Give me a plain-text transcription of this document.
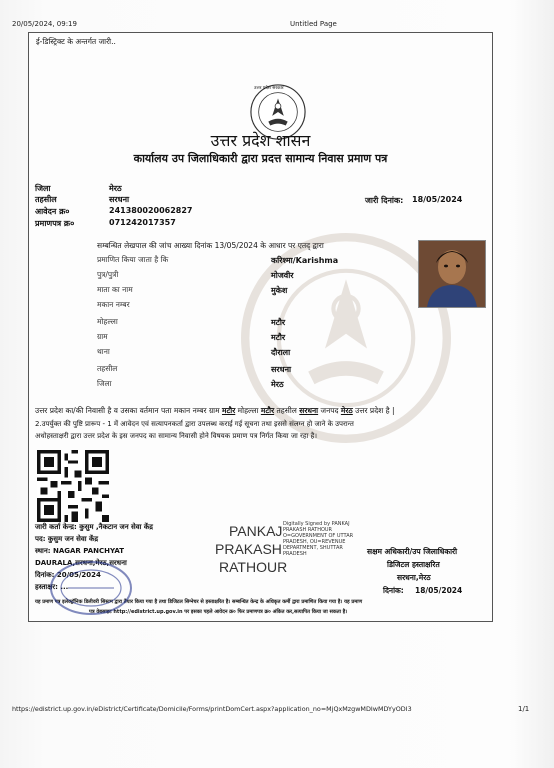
20/05/2024, 09:19	Untitled Page
ई-डिस्ट्रिक्ट के अन्तर्गत जारी..
उत्तर प्रदेश सरकार
उत्तर प्रदेश शासन
कार्यालय उप जिलाधिकारी द्वारा प्रदत्त सामान्य निवास प्रमाण पत्र
जिला	मेरठ
तहसील	सरधना
आवेदन क्र०	241380020062827
प्रमाणपत्र क्र०	071242017357
जारी दिनांक: 18/05/2024
सम्बन्धित लेखपाल की जांच आख्या दिनांक 13/05/2024 के आधार पर एतद् द्वारा
प्रमाणित किया जाता है कि	करिश्मा/Karishma
पुत्र/पुत्री	मोजवीर
माता का नाम	मुकेश
मकान नम्बर
मोहल्ला	मटौर
ग्राम	मटौर
थाना	दौराला
तहसील	सरधना
जिला	मेरठ
उत्तर प्रदेश का/की निवासी है व उसका वर्तमान पता मकान नम्बर ग्राम मटौर मोहल्ला मटौर तहसील सरधना जनपद मेरठ उत्तर प्रदेश है |
2.उपर्युक्त की पुष्टि प्रारूप - 1 में आवेदन एवं सत्यापनकर्ता द्वारा उपलब्ध कराई गई सूचना तथा इससे संलग्न हो जाने के उपरान्त
अधोहस्ताक्षरी द्वारा उत्तर प्रदेश के इस जनपद का सामान्य निवासी होने विषयक प्रमाण पत्र निर्गत किया जा रहा है।
जारी कर्ता केन्द्र: कुसुम ,नैकटान जन सेवा केंद्र
पद: कुसुम जन सेवा केंद्र
स्थान: NAGAR PANCHYAT
DAURALA,सरधना,मेरठ,सरधना
दिनांक: 20/05/2024
हस्ताक्षर: ...
PANKAJ
PRAKASH
RATHOUR
Digitally Signed by PANKAJ PRAKASH RATHOUR O=GOVERNMENT OF UTTAR PRADESH, OU=REVENUE DEPARTMENT, SHUTTAR PRADESH	सक्षम अधिकारी/उप जिलाधिकारी
डिजिटल हस्ताक्षरित
सरधना,मेरठ
दिनांक: 18/05/2024
यह प्रमाण पत्र इलेक्ट्रॉनिक डिलीवरी सिस्टम द्वारा तैयार किया गया है तथा डिजिटल सिग्नेचर से हस्ताक्षरित है। सम्बन्धित केन्द्र के अधिकृत कर्मी द्वारा प्रमाणित किया गया है। यह प्रमाण
पत्र वेबसाइट http://edistrict.up.gov.in पर इसका पहले आवेदन क्र० फिर प्रमाणपत्र क्र० अंकित कर,सत्यापित किया जा सकता है।
https://edistrict.up.gov.in/eDistrict/Certificate/Domicile/Forms/printDomCert.aspx?application_no=MjQxMzgwMDIwMDYyODI3	1/1
